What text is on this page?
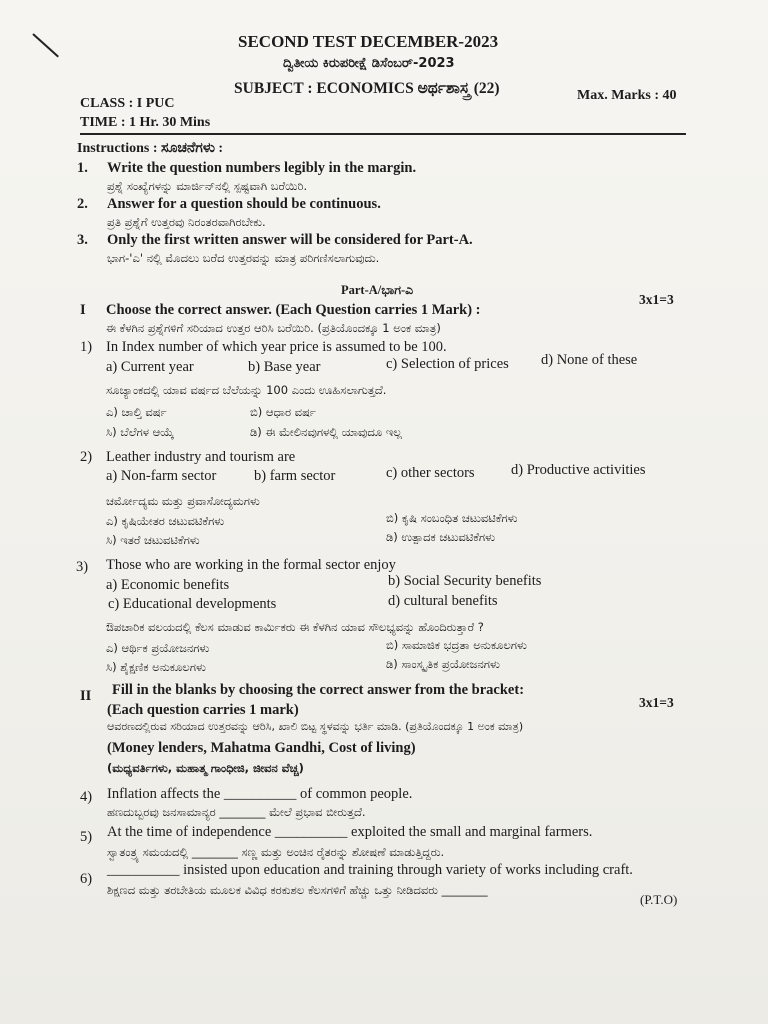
SECOND TEST DECEMBER-2023
ದ್ವಿತೀಯ ಕಿರುಪರೀಕ್ಷೆ ಡಿಸೆಂಬರ್-2023
SUBJECT : ECONOMICS ಅರ್ಥಶಾಸ್ತ್ರ (22)
CLASS : I PUC
Max. Marks : 40
TIME : 1 Hr. 30 Mins
Instructions : ಸೂಚನೆಗಳು :
1. Write the question numbers legibly in the margin.
ಪ್ರಶ್ನೆ ಸಂಖ್ಯೆಗಳನ್ನು ಮಾರ್ಜಿನ್‌ನಲ್ಲಿ ಸ್ಪಷ್ಟವಾಗಿ ಬರೆಯಿರಿ.
2. Answer for a question should be continuous.
ಪ್ರತಿ ಪ್ರಶ್ನೆಗೆ ಉತ್ತರವು ನಿರಂತರವಾಗಿರಬೇಕು.
3. Only the first written answer will be considered for Part-A.
ಭಾಗ-'ಎ' ನಲ್ಲಿ ಮೊದಲು ಬರೆದ ಉತ್ತರವನ್ನು ಮಾತ್ರ ಪರಿಗಣಿಸಲಾಗುವುದು.
Part-A/ಭಾಗ-ಎ
I Choose the correct answer. (Each Question carries 1 Mark) :
3x1=3
ಈ ಕೆಳಗಿನ ಪ್ರಶ್ನೆಗಳಿಗೆ ಸರಿಯಾದ ಉತ್ತರ ಆರಿಸಿ ಬರೆಯಿರಿ. (ಪ್ರತಿಯೊಂದಕ್ಕೂ 1 ಅಂಕ ಮಾತ್ರ)
1) In Index number of which year price is assumed to be 100.
a) Current year	b) Base year	c) Selection of prices d) None of these
ಸೂಚ್ಯಾಂಕದಲ್ಲಿ ಯಾವ ವರ್ಷದ ಬೆಲೆಯನ್ನು 100 ಎಂದು ಊಹಿಸಲಾಗುತ್ತದೆ.
ಎ) ಚಾಲ್ತಿ ವರ್ಷ	ಬಿ) ಆಧಾರ ವರ್ಷ
ಸಿ) ಬೆಲೆಗಳ ಆಯ್ಕೆ	ಡಿ) ಈ ಮೇಲಿನವುಗಳಲ್ಲಿ ಯಾವುದೂ ಇಲ್ಲ
2) Leather industry and tourism are
a) Non-farm sector	b) farm sector	c) other sectors	d) Productive activities
ಚರ್ಮೋದ್ಯಮ ಮತ್ತು ಪ್ರವಾಸೋದ್ಯಮಗಳು
ಎ) ಕೃಷಿಯೇತರ ಚಟುವಟಿಕೆಗಳು	ಬಿ) ಕೃಷಿ ಸಂಬಂಧಿತ ಚಟುವಟಿಕೆಗಳು
ಸಿ) ಇತರೆ ಚಟುವಟಿಕೆಗಳು	ಡಿ) ಉತ್ಪಾದಕ ಚಟುವಟಿಕೆಗಳು
3) Those who are working in the formal sector enjoy
a) Economic benefits	b) Social Security benefits
c) Educational developments	d) cultural benefits
ಔಪಚಾರಿಕ ವಲಯದಲ್ಲಿ ಕೆಲಸ ಮಾಡುವ ಕಾರ್ಮಿಕರು ಈ ಕೆಳಗಿನ ಯಾವ ಸೌಲಭ್ಯವನ್ನು ಹೊಂದಿರುತ್ತಾರೆ ?
ಎ) ಆರ್ಥಿಕ ಪ್ರಯೋಜನಗಳು	ಬಿ) ಸಾಮಾಜಿಕ ಭದ್ರತಾ ಅನುಕೂಲಗಳು
ಸಿ) ಶೈಕ್ಷಣಿಕ ಅನುಕೂಲಗಳು	ಡಿ) ಸಾಂಸ್ಕೃತಿಕ ಪ್ರಯೋಜನಗಳು
II Fill in the blanks by choosing the correct answer from the bracket:
3x1=3
(Each question carries 1 mark)
ಆವರಣದಲ್ಲಿರುವ ಸರಿಯಾದ ಉತ್ತರವನ್ನು ಆರಿಸಿ, ಖಾಲಿ ಬಿಟ್ಟ ಸ್ಥಳವನ್ನು ಭರ್ತಿ ಮಾಡಿ. (ಪ್ರತಿಯೊಂದಕ್ಕೂ 1 ಅಂಕ ಮಾತ್ರ)
(Money lenders, Mahatma Gandhi, Cost of living)
(ಮಧ್ಯವರ್ತಿಗಳು, ಮಹಾತ್ಮ ಗಾಂಧೀಜಿ, ಜೀವನ ವೆಚ್ಚ)
4) Inflation affects the __________ of common people.
ಹಣದುಬ್ಬರವು ಜನಸಾಮಾನ್ಯರ ________ ಮೇಲೆ ಪ್ರಭಾವ ಬೀರುತ್ತದೆ.
5) At the time of independence __________ exploited the small and marginal farmers.
ಸ್ವಾತಂತ್ರ್ಯ ಸಮಯದಲ್ಲಿ ________ ಸಣ್ಣ ಮತ್ತು ಅಂಚಿನ ರೈತರನ್ನು ಶೋಷಣೆ ಮಾಡುತ್ತಿದ್ದರು.
6)
__________ insisted upon education and training through variety of works including craft.
ಶಿಕ್ಷಣದ ಮತ್ತು ತರಬೇತಿಯ ಮೂಲಕ ವಿವಿಧ ಕರಕುಶಲ ಕೆಲಸಗಳಿಗೆ ಹೆಚ್ಚು ಒತ್ತು ನೀಡಿದವರು ________
(P.T.O)
